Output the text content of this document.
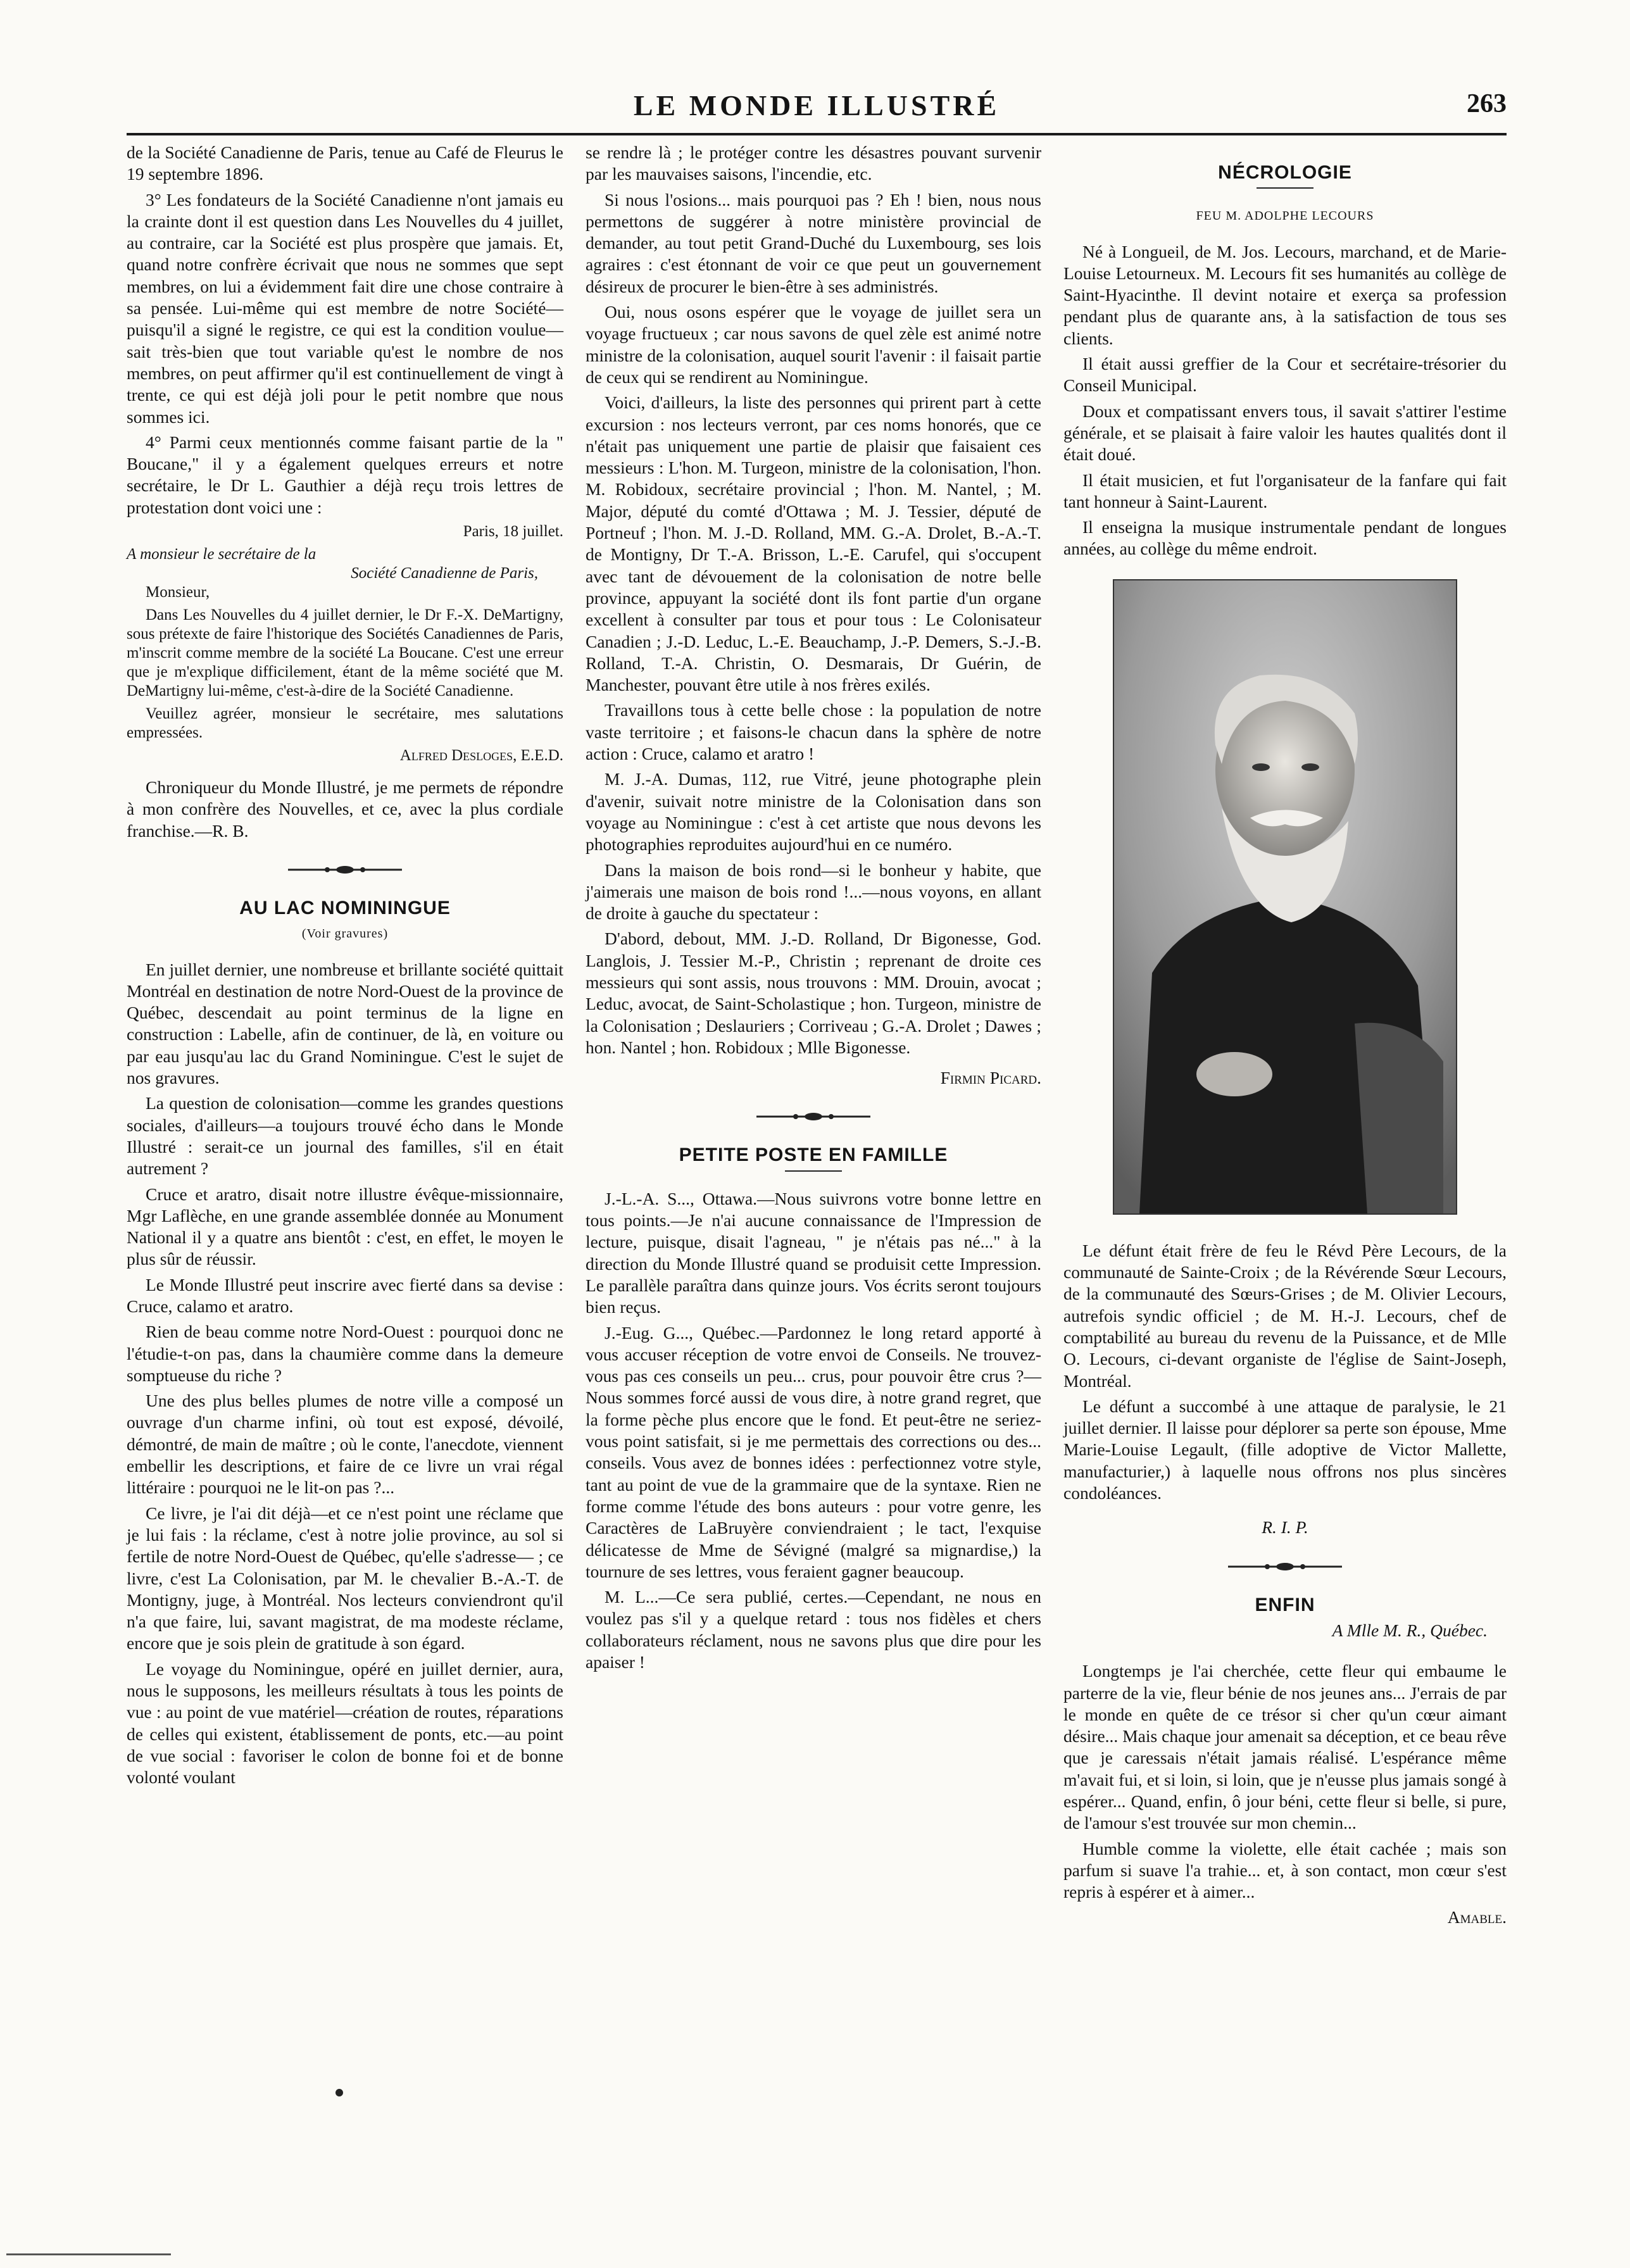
LE MONDE ILLUSTRÉ	263

de la Société Canadienne de Paris, tenue au Café de Fleurus le 19 septembre 1896.

3° Les fondateurs de la Société Canadienne n'ont jamais eu la crainte dont il est question dans Les Nouvelles du 4 juillet, au contraire, car la Société est plus prospère que jamais. Et, quand notre confrère écrivait que nous ne sommes que sept membres, on lui a évidemment fait dire une chose contraire à sa pensée. Lui-même qui est membre de notre Société— puisqu'il a signé le registre, ce qui est la condition voulue—sait très-bien que tout variable qu'est le nombre de nos membres, on peut affirmer qu'il est continuellement de vingt à trente, ce qui est déjà joli pour le petit nombre que nous sommes ici.

4° Parmi ceux mentionnés comme faisant partie de la " Boucane," il y a également quelques erreurs et notre secrétaire, le Dr L. Gauthier a déjà reçu trois lettres de protestation dont voici une :

Paris, 18 juillet.

A monsieur le secrétaire de la

Société Canadienne de Paris,

Monsieur,

Dans Les Nouvelles du 4 juillet dernier, le Dr F.-X. DeMartigny, sous prétexte de faire l'historique des Sociétés Canadiennes de Paris, m'inscrit comme membre de la société La Boucane. C'est une erreur que je m'explique difficilement, étant de la même société que M. DeMartigny lui-même, c'est-à-dire de la Société Canadienne.

Veuillez agréer, monsieur le secrétaire, mes salutations empressées.

Alfred Desloges, E.E.D.

Chroniqueur du Monde Illustré, je me permets de répondre à mon confrère des Nouvelles, et ce, avec la plus cordiale franchise.—R. B.

AU LAC NOMININGUE

(Voir gravures)

En juillet dernier, une nombreuse et brillante société quittait Montréal en destination de notre Nord-Ouest de la province de Québec, descendait au point terminus de la ligne en construction : Labelle, afin de continuer, de là, en voiture ou par eau jusqu'au lac du Grand Nominingue. C'est le sujet de nos gravures.

La question de colonisation—comme les grandes questions sociales, d'ailleurs—a toujours trouvé écho dans le Monde Illustré : serait-ce un journal des familles, s'il en était autrement ?

Cruce et aratro, disait notre illustre évêque-missionnaire, Mgr Laflèche, en une grande assemblée donnée au Monument National il y a quatre ans bientôt : c'est, en effet, le moyen le plus sûr de réussir.

Le Monde Illustré peut inscrire avec fierté dans sa devise : Cruce, calamo et aratro.

Rien de beau comme notre Nord-Ouest : pourquoi donc ne l'étudie-t-on pas, dans la chaumière comme dans la demeure somptueuse du riche ?

Une des plus belles plumes de notre ville a composé un ouvrage d'un charme infini, où tout est exposé, dévoilé, démontré, de main de maître ; où le conte, l'anecdote, viennent embellir les descriptions, et faire de ce livre un vrai régal littéraire : pourquoi ne le lit-on pas ?...

Ce livre, je l'ai dit déjà—et ce n'est point une réclame que je lui fais : la réclame, c'est à notre jolie province, au sol si fertile de notre Nord-Ouest de Québec, qu'elle s'adresse— ; ce livre, c'est La Colonisation, par M. le chevalier B.-A.-T. de Montigny, juge, à Montréal. Nos lecteurs conviendront qu'il n'a que faire, lui, savant magistrat, de ma modeste réclame, encore que je sois plein de gratitude à son égard.

Le voyage du Nominingue, opéré en juillet dernier, aura, nous le supposons, les meilleurs résultats à tous les points de vue : au point de vue matériel—création de routes, réparations de celles qui existent, établissement de ponts, etc.—au point de vue social : favoriser le colon de bonne foi et de bonne volonté voulant

se rendre là ; le protéger contre les désastres pouvant survenir par les mauvaises saisons, l'incendie, etc.

Si nous l'osions... mais pourquoi pas ? Eh ! bien, nous nous permettons de suggérer à notre ministère provincial de demander, au tout petit Grand-Duché du Luxembourg, ses lois agraires : c'est étonnant de voir ce que peut un gouvernement désireux de procurer le bien-être à ses administrés.

Oui, nous osons espérer que le voyage de juillet sera un voyage fructueux ; car nous savons de quel zèle est animé notre ministre de la colonisation, auquel sourit l'avenir : il faisait partie de ceux qui se rendirent au Nominingue.

Voici, d'ailleurs, la liste des personnes qui prirent part à cette excursion : nos lecteurs verront, par ces noms honorés, que ce n'était pas uniquement une partie de plaisir que faisaient ces messieurs : L'hon. M. Turgeon, ministre de la colonisation, l'hon. M. Robidoux, secrétaire provincial ; l'hon. M. Nantel, ; M. Major, député du comté d'Ottawa ; M. J. Tessier, député de Portneuf ; l'hon. M. J.-D. Rolland, MM. G.-A. Drolet, B.-A.-T. de Montigny, Dr T.-A. Brisson, L.-E. Carufel, qui s'occupent avec tant de dévouement de la colonisation de notre belle province, appuyant la société dont ils font partie d'un organe excellent à consulter par tous et pour tous : Le Colonisateur Canadien ; J.-D. Leduc, L.-E. Beauchamp, J.-P. Demers, S.-J.-B. Rolland, T.-A. Christin, O. Desmarais, Dr Guérin, de Manchester, pouvant être utile à nos frères exilés.

Travaillons tous à cette belle chose : la population de notre vaste territoire ; et faisons-le chacun dans la sphère de notre action : Cruce, calamo et aratro !

M. J.-A. Dumas, 112, rue Vitré, jeune photographe plein d'avenir, suivait notre ministre de la Colonisation dans son voyage au Nominingue : c'est à cet artiste que nous devons les photographies reproduites aujourd'hui en ce numéro.

Dans la maison de bois rond—si le bonheur y habite, que j'aimerais une maison de bois rond !...—nous voyons, en allant de droite à gauche du spectateur :

D'abord, debout, MM. J.-D. Rolland, Dr Bigonesse, God. Langlois, J. Tessier M.-P., Christin ; reprenant de droite ces messieurs qui sont assis, nous trouvons : MM. Drouin, avocat ; Leduc, avocat, de Saint-Scholastique ; hon. Turgeon, ministre de la Colonisation ; Deslauriers ; Corriveau ; G.-A. Drolet ; Dawes ; hon. Nantel ; hon. Robidoux ; Mlle Bigonesse.

Firmin Picard.

PETITE POSTE EN FAMILLE

J.-L.-A. S..., Ottawa.—Nous suivrons votre bonne lettre en tous points.—Je n'ai aucune connaissance de l'Impression de lecture, puisque, disait l'agneau, " je n'étais pas né..." à la direction du Monde Illustré quand se produisit cette Impression. Le parallèle paraîtra dans quinze jours. Vos écrits seront toujours bien reçus.

J.-Eug. G..., Québec.—Pardonnez le long retard apporté à vous accuser réception de votre envoi de Conseils. Ne trouvez-vous pas ces conseils un peu... crus, pour pouvoir être crus ?—Nous sommes forcé aussi de vous dire, à notre grand regret, que la forme pèche plus encore que le fond. Et peut-être ne seriez-vous point satisfait, si je me permettais des corrections ou des... conseils. Vous avez de bonnes idées : perfectionnez votre style, tant au point de vue de la grammaire que de la syntaxe. Rien ne forme comme l'étude des bons auteurs : pour votre genre, les Caractères de LaBruyère conviendraient ; le tact, l'exquise délicatesse de Mme de Sévigné (malgré sa mignardise,) la tournure de ses lettres, vous feraient gagner beaucoup.

M. L...—Ce sera publié, certes.—Cependant, ne nous en voulez pas s'il y a quelque retard : tous nos fidèles et chers collaborateurs réclament, nous ne savons plus que dire pour les apaiser !

NÉCROLOGIE

FEU M. ADOLPHE LECOURS

Né à Longueil, de M. Jos. Lecours, marchand, et de Marie-Louise Letourneux. M. Lecours fit ses humanités au collège de Saint-Hyacinthe. Il devint notaire et exerça sa profession pendant plus de quarante ans, à la satisfaction de tous ses clients.

Il était aussi greffier de la Cour et secrétaire-trésorier du Conseil Municipal.

Doux et compatissant envers tous, il savait s'attirer l'estime générale, et se plaisait à faire valoir les hautes qualités dont il était doué.

Il était musicien, et fut l'organisateur de la fanfare qui fait tant honneur à Saint-Laurent.

Il enseigna la musique instrumentale pendant de longues années, au collège du même endroit.

Le défunt était frère de feu le Révd Père Lecours, de la communauté de Sainte-Croix ; de la Révérende Sœur Lecours, de la communauté des Sœurs-Grises ; de M. Olivier Lecours, autrefois syndic officiel ; de M. H.-J. Lecours, chef de comptabilité au bureau du revenu de la Puissance, et de Mlle O. Lecours, ci-devant organiste de l'église de Saint-Joseph, Montréal.

Le défunt a succombé à une attaque de paralysie, le 21 juillet dernier. Il laisse pour déplorer sa perte son épouse, Mme Marie-Louise Legault, (fille adoptive de Victor Mallette, manufacturier,) à laquelle nous offrons nos plus sincères condoléances.

R. I. P.

ENFIN

A Mlle M. R., Québec.

Longtemps je l'ai cherchée, cette fleur qui embaume le parterre de la vie, fleur bénie de nos jeunes ans... J'errais de par le monde en quête de ce trésor si cher qu'un cœur aimant désire... Mais chaque jour amenait sa déception, et ce beau rêve que je caressais n'était jamais réalisé. L'espérance même m'avait fui, et si loin, si loin, que je n'eusse plus jamais songé à espérer... Quand, enfin, ô jour béni, cette fleur si belle, si pure, de l'amour s'est trouvée sur mon chemin...

Humble comme la violette, elle était cachée ; mais son parfum si suave l'a trahie... et, à son contact, mon cœur s'est repris à espérer et à aimer...

Amable.
